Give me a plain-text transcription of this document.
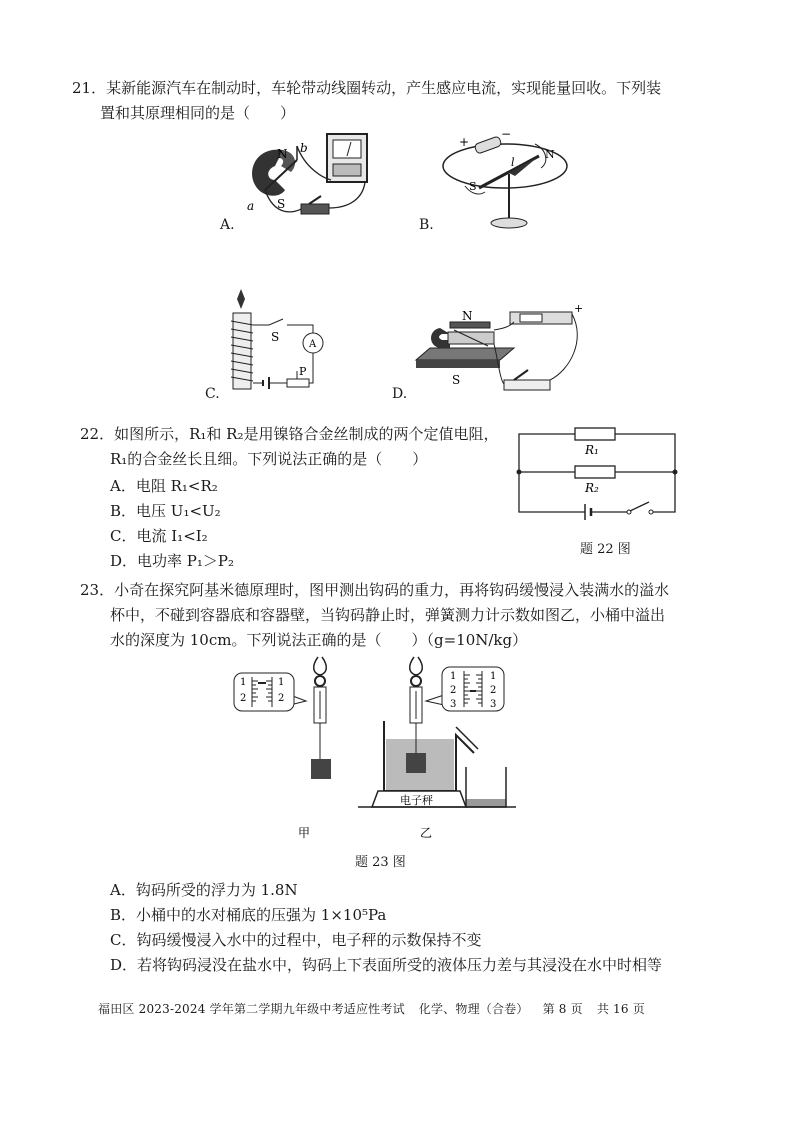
21．某新能源汽车在制动时，车轮带动线圈转动，产生感应电流，实现能量回收。下列装
置和其原理相同的是（　　）
N b
a S
A.
+
−
N
S
l
B.
S
A
P
C.
N
S
+
D.
22．如图所示，R₁和 R₂是用镍铬合金丝制成的两个定值电阻，
R₁的合金丝长且细。下列说法正确的是（　　）
A．电阻 R₁<R₂
B．电压 U₁<U₂
C．电流 I₁<I₂
D．电功率 P₁＞P₂
R₁
R₂
题 22 图
23．小奇在探究阿基米德原理时，图甲测出钩码的重力，再将钩码缓慢浸入装满水的溢水
杯中，不碰到容器底和容器壁，当钩码静止时，弹簧测力计示数如图乙，小桶中溢出
水的深度为 10cm。下列说法正确的是（　　）（g=10N/kg）
1
2
1
2
1
2
3
1
2
3
电子秤
甲	乙
题 23 图
A．钩码所受的浮力为 1.8N
B．小桶中的水对桶底的压强为 1×10⁵Pa
C．钩码缓慢浸入水中的过程中，电子秤的示数保持不变
D．若将钩码浸没在盐水中，钩码上下表面所受的液体压力差与其浸没在水中时相等
福田区 2023-2024 学年第二学期九年级中考适应性考试 化学、物理（合卷） 第 8 页 共 16 页
